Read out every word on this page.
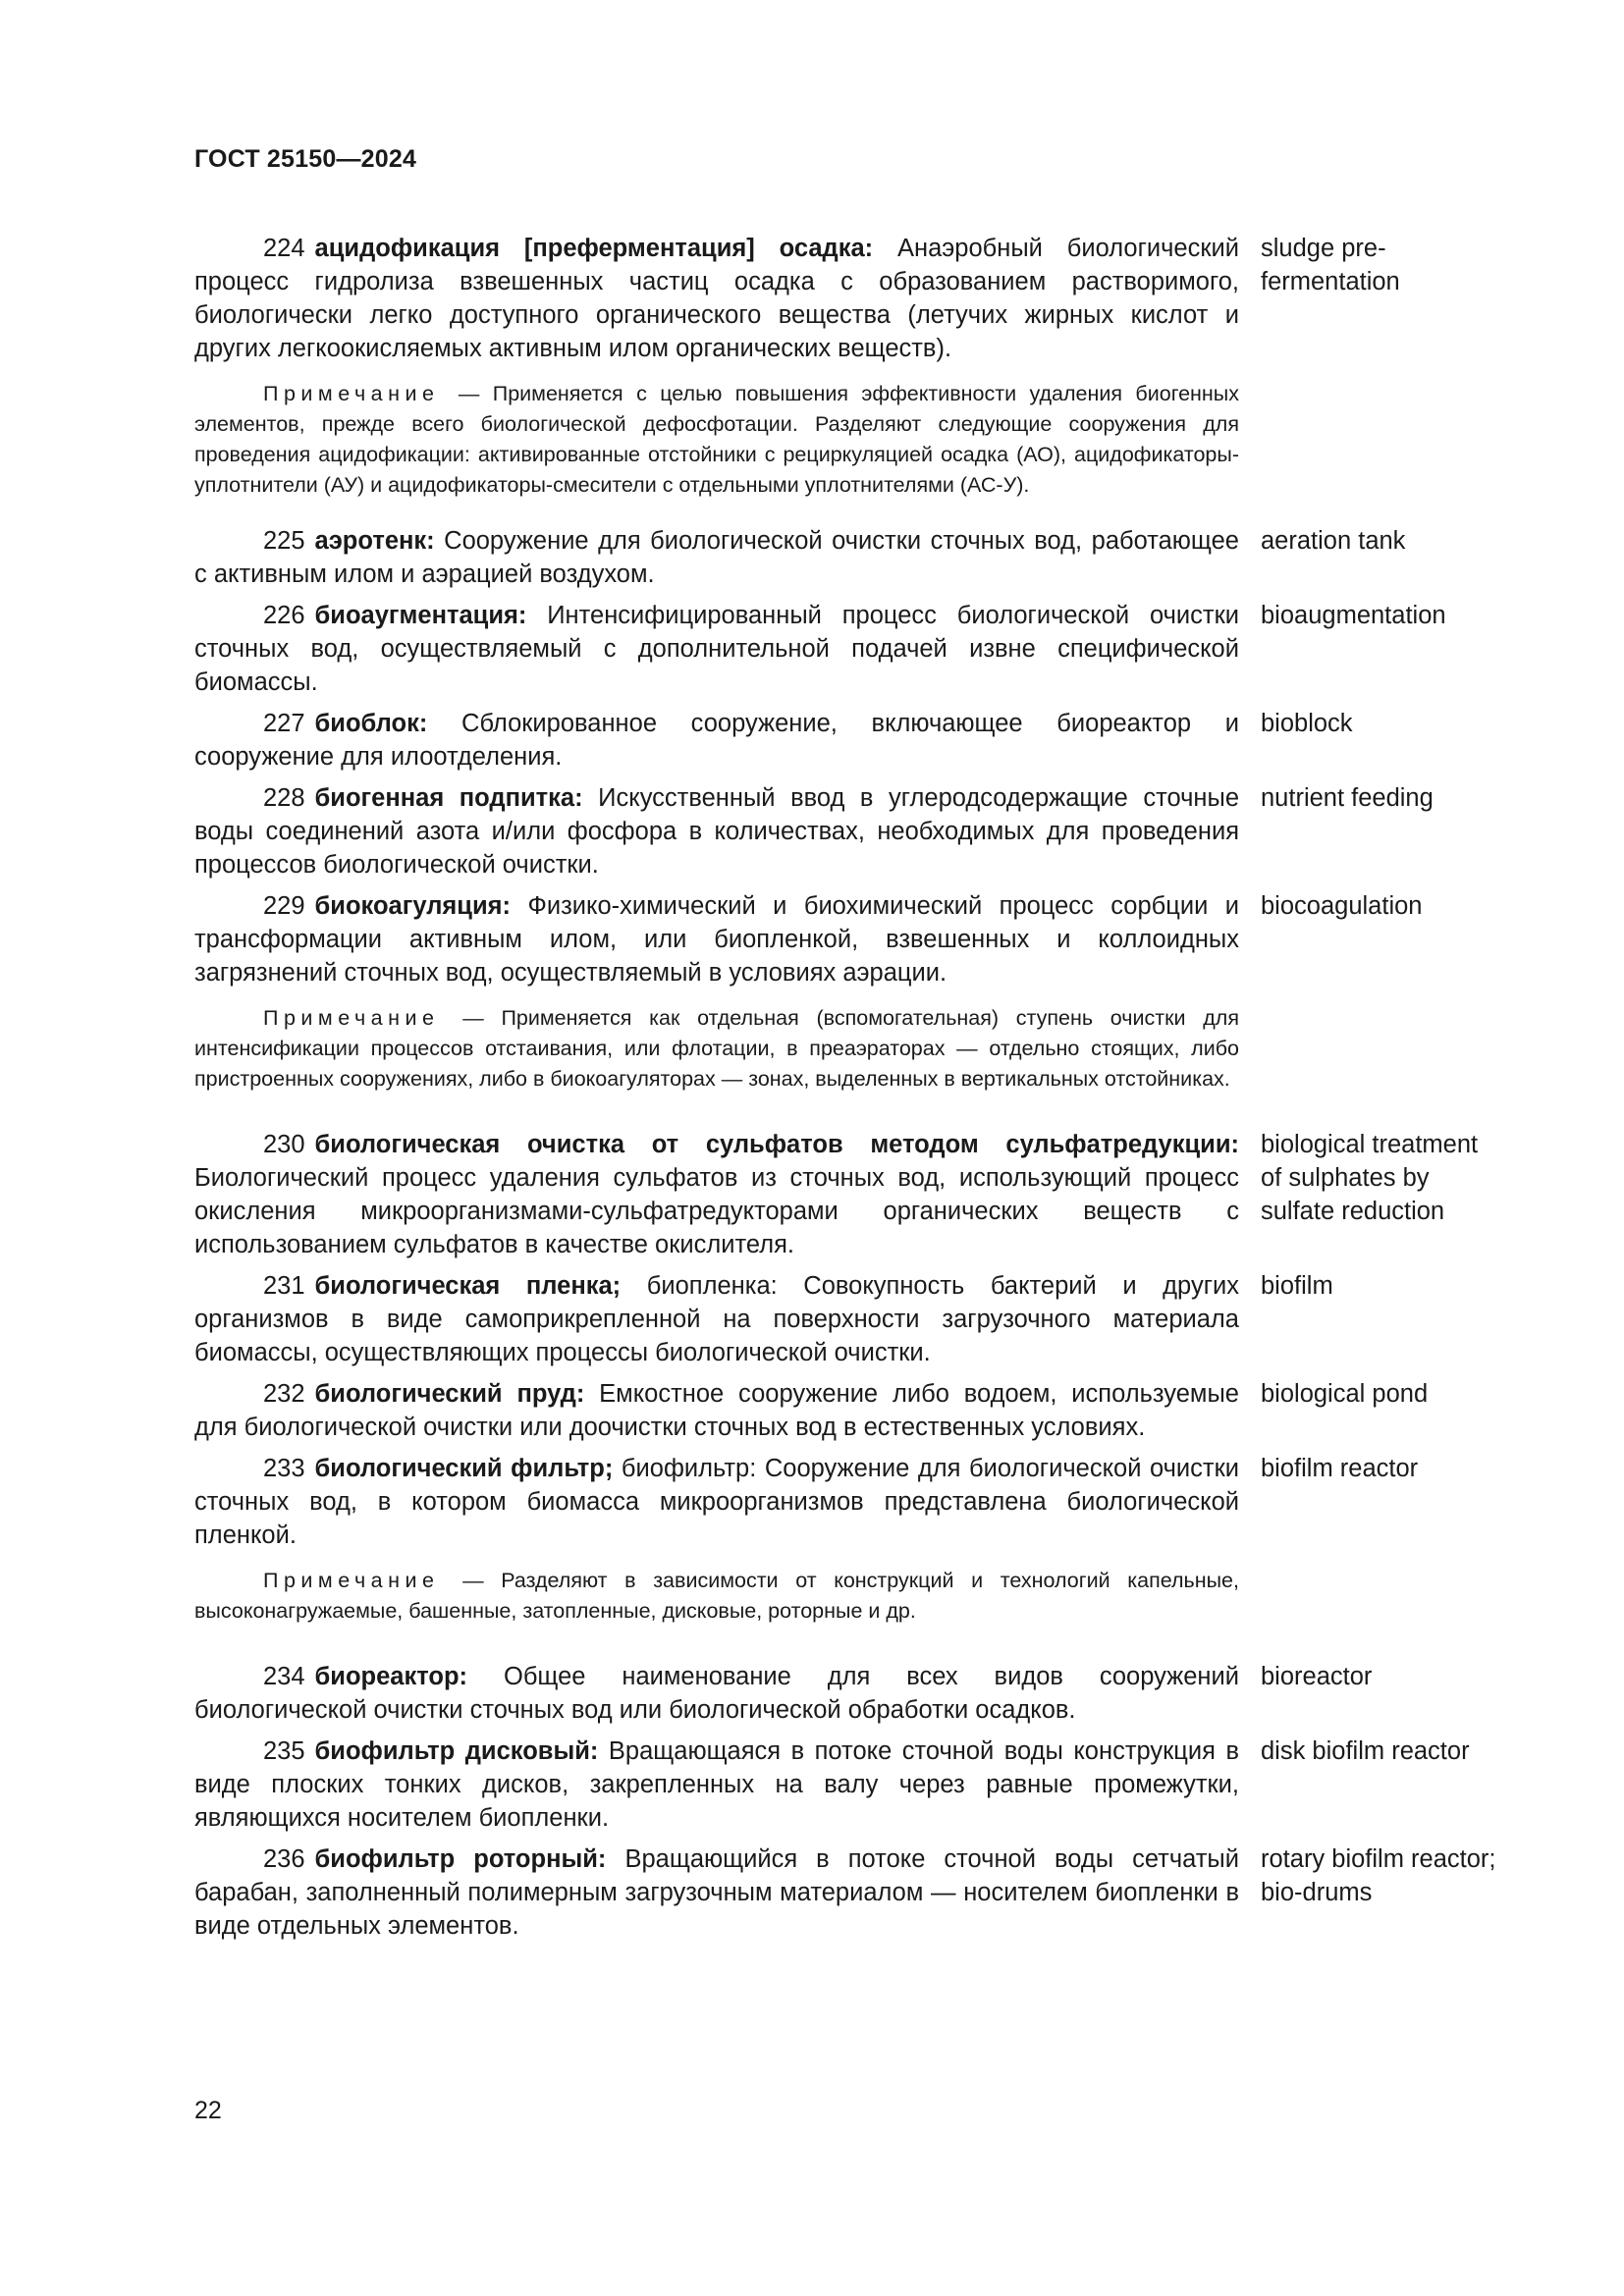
ГОСТ 25150—2024
224 ацидофикация [преферментация] осадка: Анаэробный биологический процесс гидролиза взвешенных частиц осадка с образованием растворимого, биологически легко доступного органического вещества (летучих жирных кислот и других легкоокисляемых активным илом органических веществ).
sludge pre-
fermentation
Примечание — Применяется с целью повышения эффективности удаления биогенных элементов, прежде всего биологической дефосфотации. Разделяют следующие сооружения для проведения ацидофикации: активированные отстойники с рециркуляцией осадка (АО), ацидофикаторы-уплотнители (АУ) и ацидофикаторы-смесители с отдельными уплотнителями (АС-У).
225 аэротенк: Сооружение для биологической очистки сточных вод, работающее с активным илом и аэрацией воздухом.
aeration tank
226 биоаугментация: Интенсифицированный процесс биологической очистки сточных вод, осуществляемый с дополнительной подачей извне специфической биомассы.
bioaugmentation
227 биоблок: Сблокированное сооружение, включающее биореактор и сооружение для илоотделения.
bioblock
228 биогенная подпитка: Искусственный ввод в углеродсодержащие сточные воды соединений азота и/или фосфора в количествах, необходимых для проведения процессов биологической очистки.
nutrient feeding
229 биокоагуляция: Физико-химический и биохимический процесс сорбции и трансформации активным илом, или биопленкой, взвешенных и коллоидных загрязнений сточных вод, осуществляемый в условиях аэрации.
biocoagulation
Примечание — Применяется как отдельная (вспомогательная) ступень очистки для интенсификации процессов отстаивания, или флотации, в преаэраторах — отдельно стоящих, либо пристроенных сооружениях, либо в биокоагуляторах — зонах, выделенных в вертикальных отстойниках.
230 биологическая очистка от сульфатов методом сульфатредукции: Биологический процесс удаления сульфатов из сточных вод, использующий процесс окисления микроорганизмами-сульфатредукторами органических веществ с использованием сульфатов в качестве окислителя.
biological treatment
of sulphates by
sulfate reduction
231 биологическая пленка; биопленка: Совокупность бактерий и других организмов в виде самоприкрепленной на поверхности загрузочного материала биомассы, осуществляющих процессы биологической очистки.
biofilm
232 биологический пруд: Емкостное сооружение либо водоем, используемые для биологической очистки или доочистки сточных вод в естественных условиях.
biological pond
233 биологический фильтр; биофильтр: Сооружение для биологической очистки сточных вод, в котором биомасса микроорганизмов представлена биологической пленкой.
biofilm reactor
Примечание — Разделяют в зависимости от конструкций и технологий капельные, высоконагружаемые, башенные, затопленные, дисковые, роторные и др.
234 биореактор: Общее наименование для всех видов сооружений биологической очистки сточных вод или биологической обработки осадков.
bioreactor
235 биофильтр дисковый: Вращающаяся в потоке сточной воды конструкция в виде плоских тонких дисков, закрепленных на валу через равные промежутки, являющихся носителем биопленки.
disk biofilm reactor
236 биофильтр роторный: Вращающийся в потоке сточной воды сетчатый барабан, заполненный полимерным загрузочным материалом — носителем биопленки в виде отдельных элементов.
rotary biofilm reactor;
bio-drums
22
